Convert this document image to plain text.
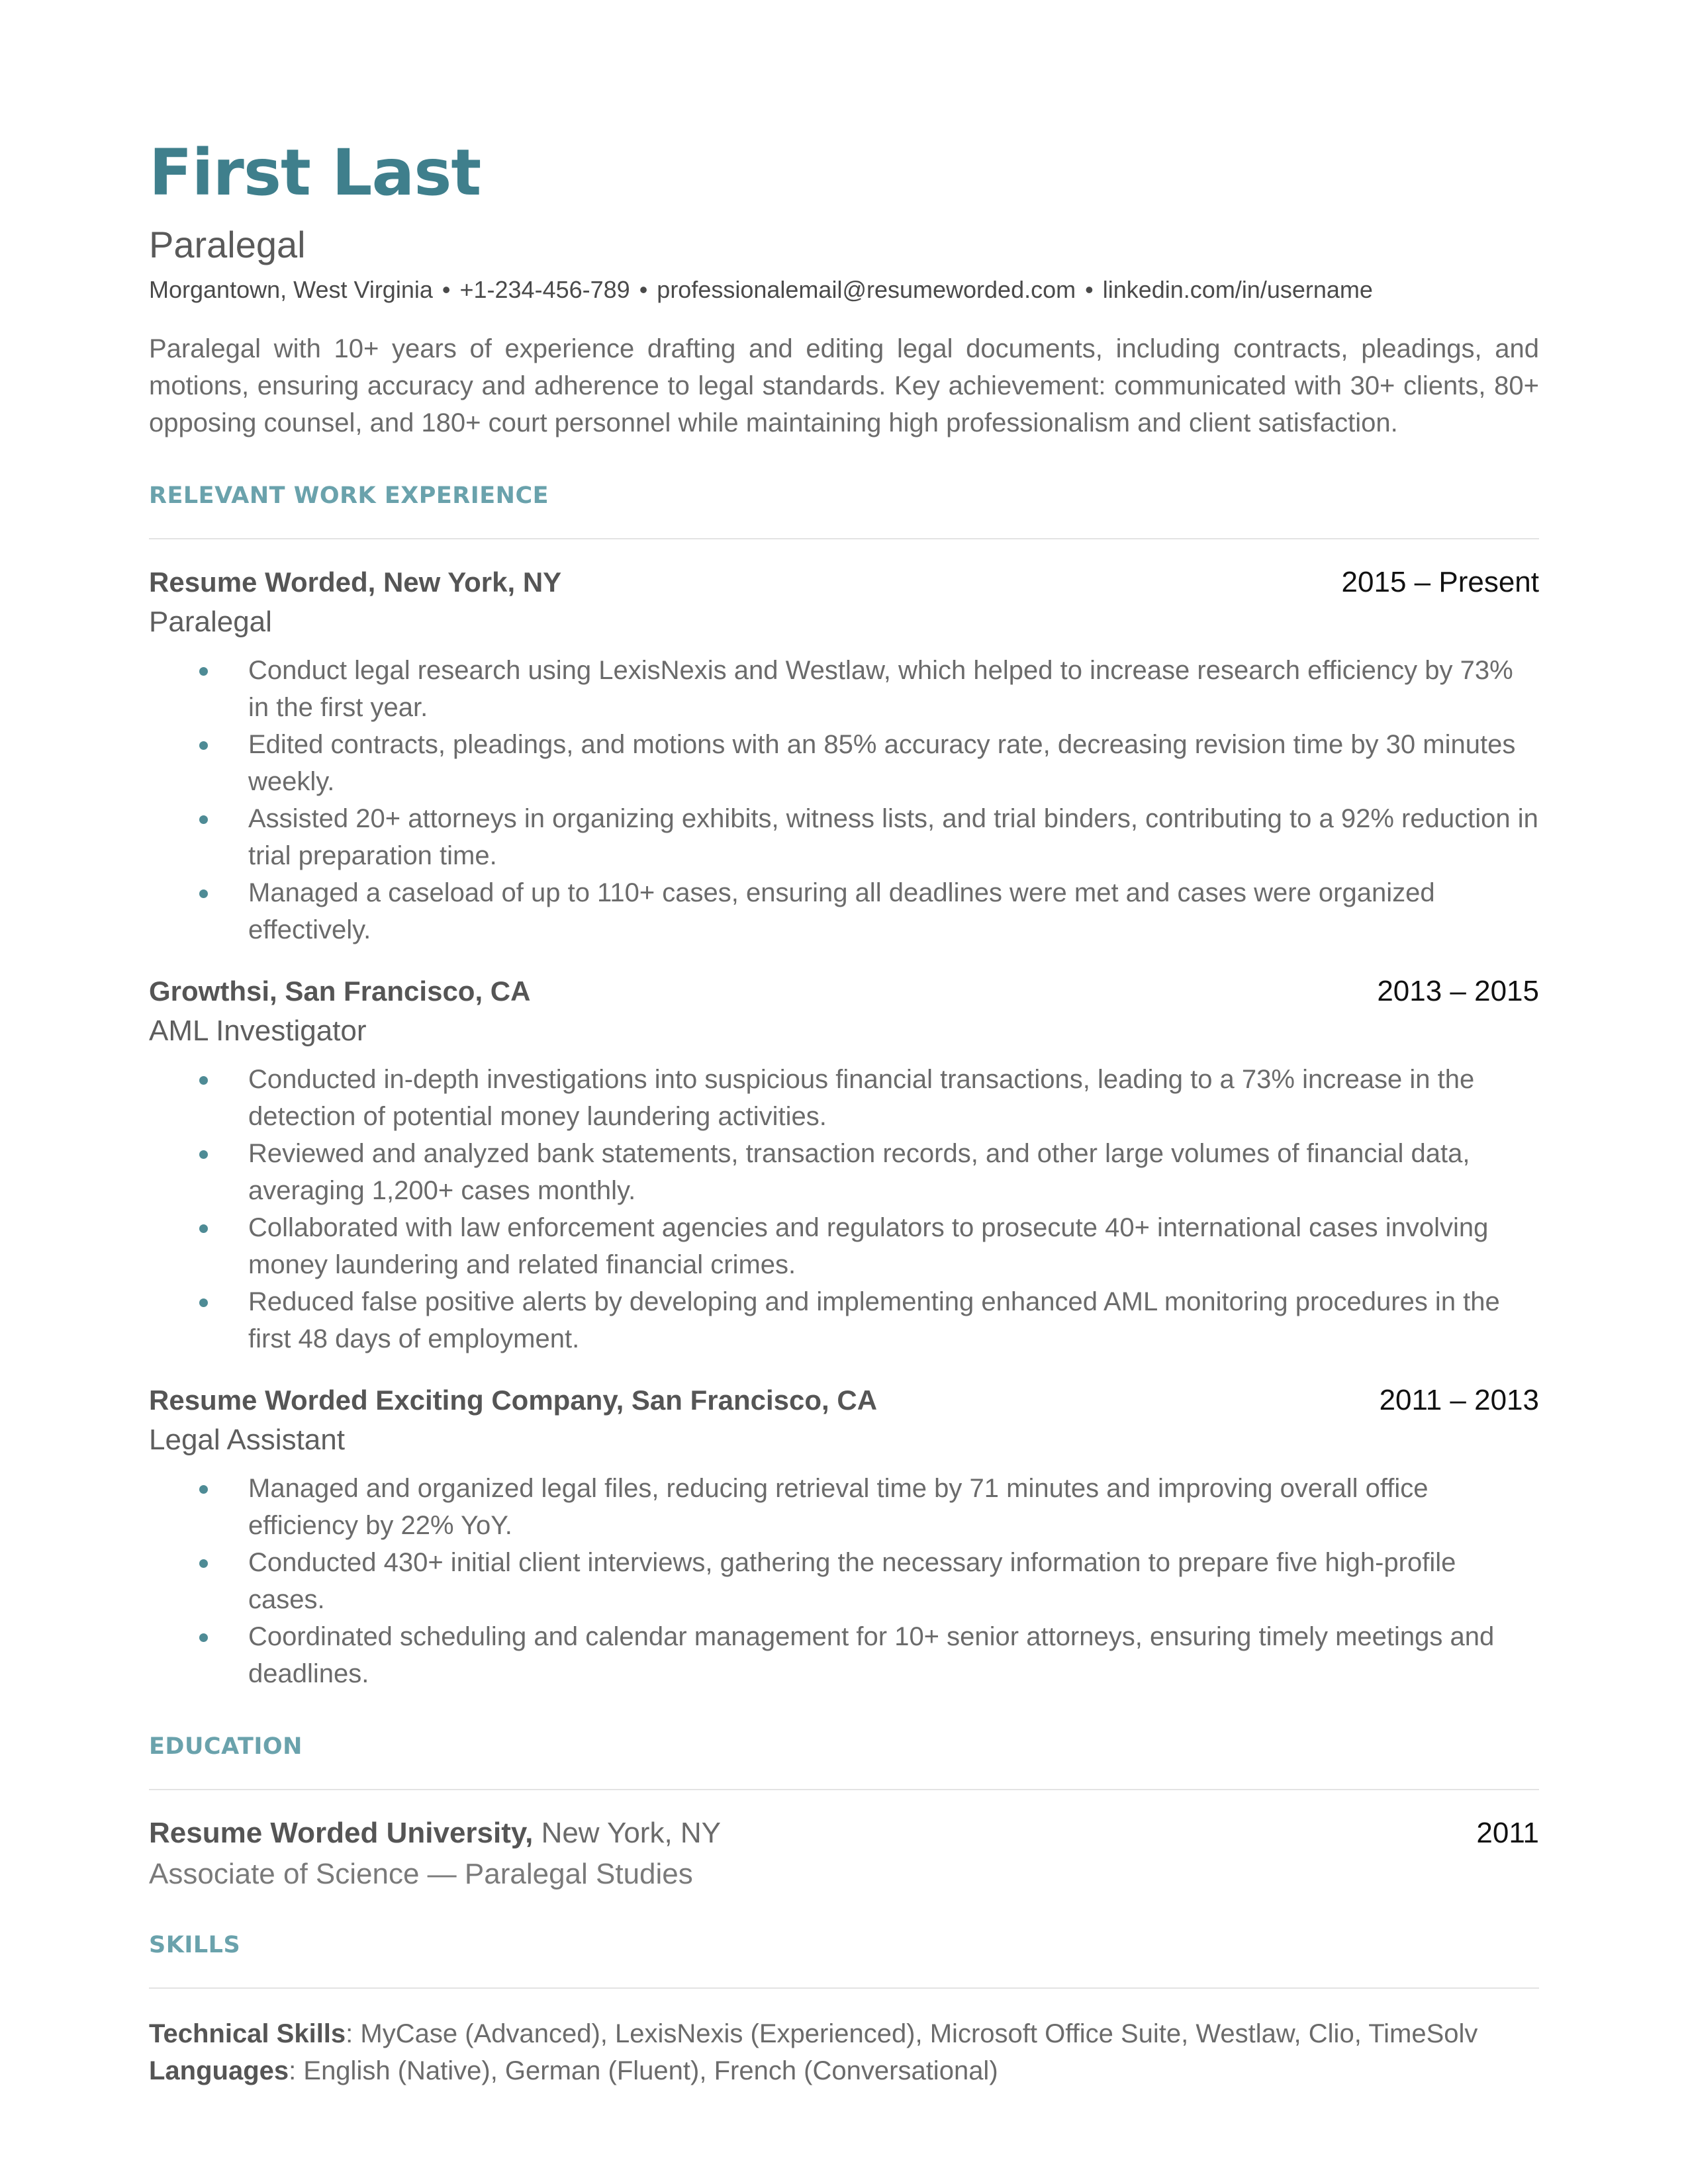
First Last
Paralegal
Morgantown, West Virginia • +1-234-456-789 • professionalemail@resumeworded.com • linkedin.com/in/username
Paralegal with 10+ years of experience drafting and editing legal documents, including contracts, pleadings, and motions, ensuring accuracy and adherence to legal standards. Key achievement: communicated with 30+ clients, 80+ opposing counsel, and 180+ court personnel while maintaining high professionalism and client satisfaction.
RELEVANT WORK EXPERIENCE
Resume Worded, New York, NY	2015 – Present
Paralegal
Conduct legal research using LexisNexis and Westlaw, which helped to increase research efficiency by 73% in the first year.
Edited contracts, pleadings, and motions with an 85% accuracy rate, decreasing revision time by 30 minutes weekly.
Assisted 20+ attorneys in organizing exhibits, witness lists, and trial binders, contributing to a 92% reduction in trial preparation time.
Managed a caseload of up to 110+ cases, ensuring all deadlines were met and cases were organized effectively.
Growthsi, San Francisco, CA	2013 – 2015
AML Investigator
Conducted in-depth investigations into suspicious financial transactions, leading to a 73% increase in the detection of potential money laundering activities.
Reviewed and analyzed bank statements, transaction records, and other large volumes of financial data, averaging 1,200+ cases monthly.
Collaborated with law enforcement agencies and regulators to prosecute 40+ international cases involving money laundering and related financial crimes.
Reduced false positive alerts by developing and implementing enhanced AML monitoring procedures in the first 48 days of employment.
Resume Worded Exciting Company, San Francisco, CA	2011 – 2013
Legal Assistant
Managed and organized legal files, reducing retrieval time by 71 minutes and improving overall office efficiency by 22% YoY.
Conducted 430+ initial client interviews, gathering the necessary information to prepare five high-profile cases.
Coordinated scheduling and calendar management for 10+ senior attorneys, ensuring timely meetings and deadlines.
EDUCATION
Resume Worded University, New York, NY	2011
Associate of Science — Paralegal Studies
SKILLS
Technical Skills: MyCase (Advanced), LexisNexis (Experienced), Microsoft Office Suite, Westlaw, Clio, TimeSolv
Languages: English (Native), German (Fluent), French (Conversational)
